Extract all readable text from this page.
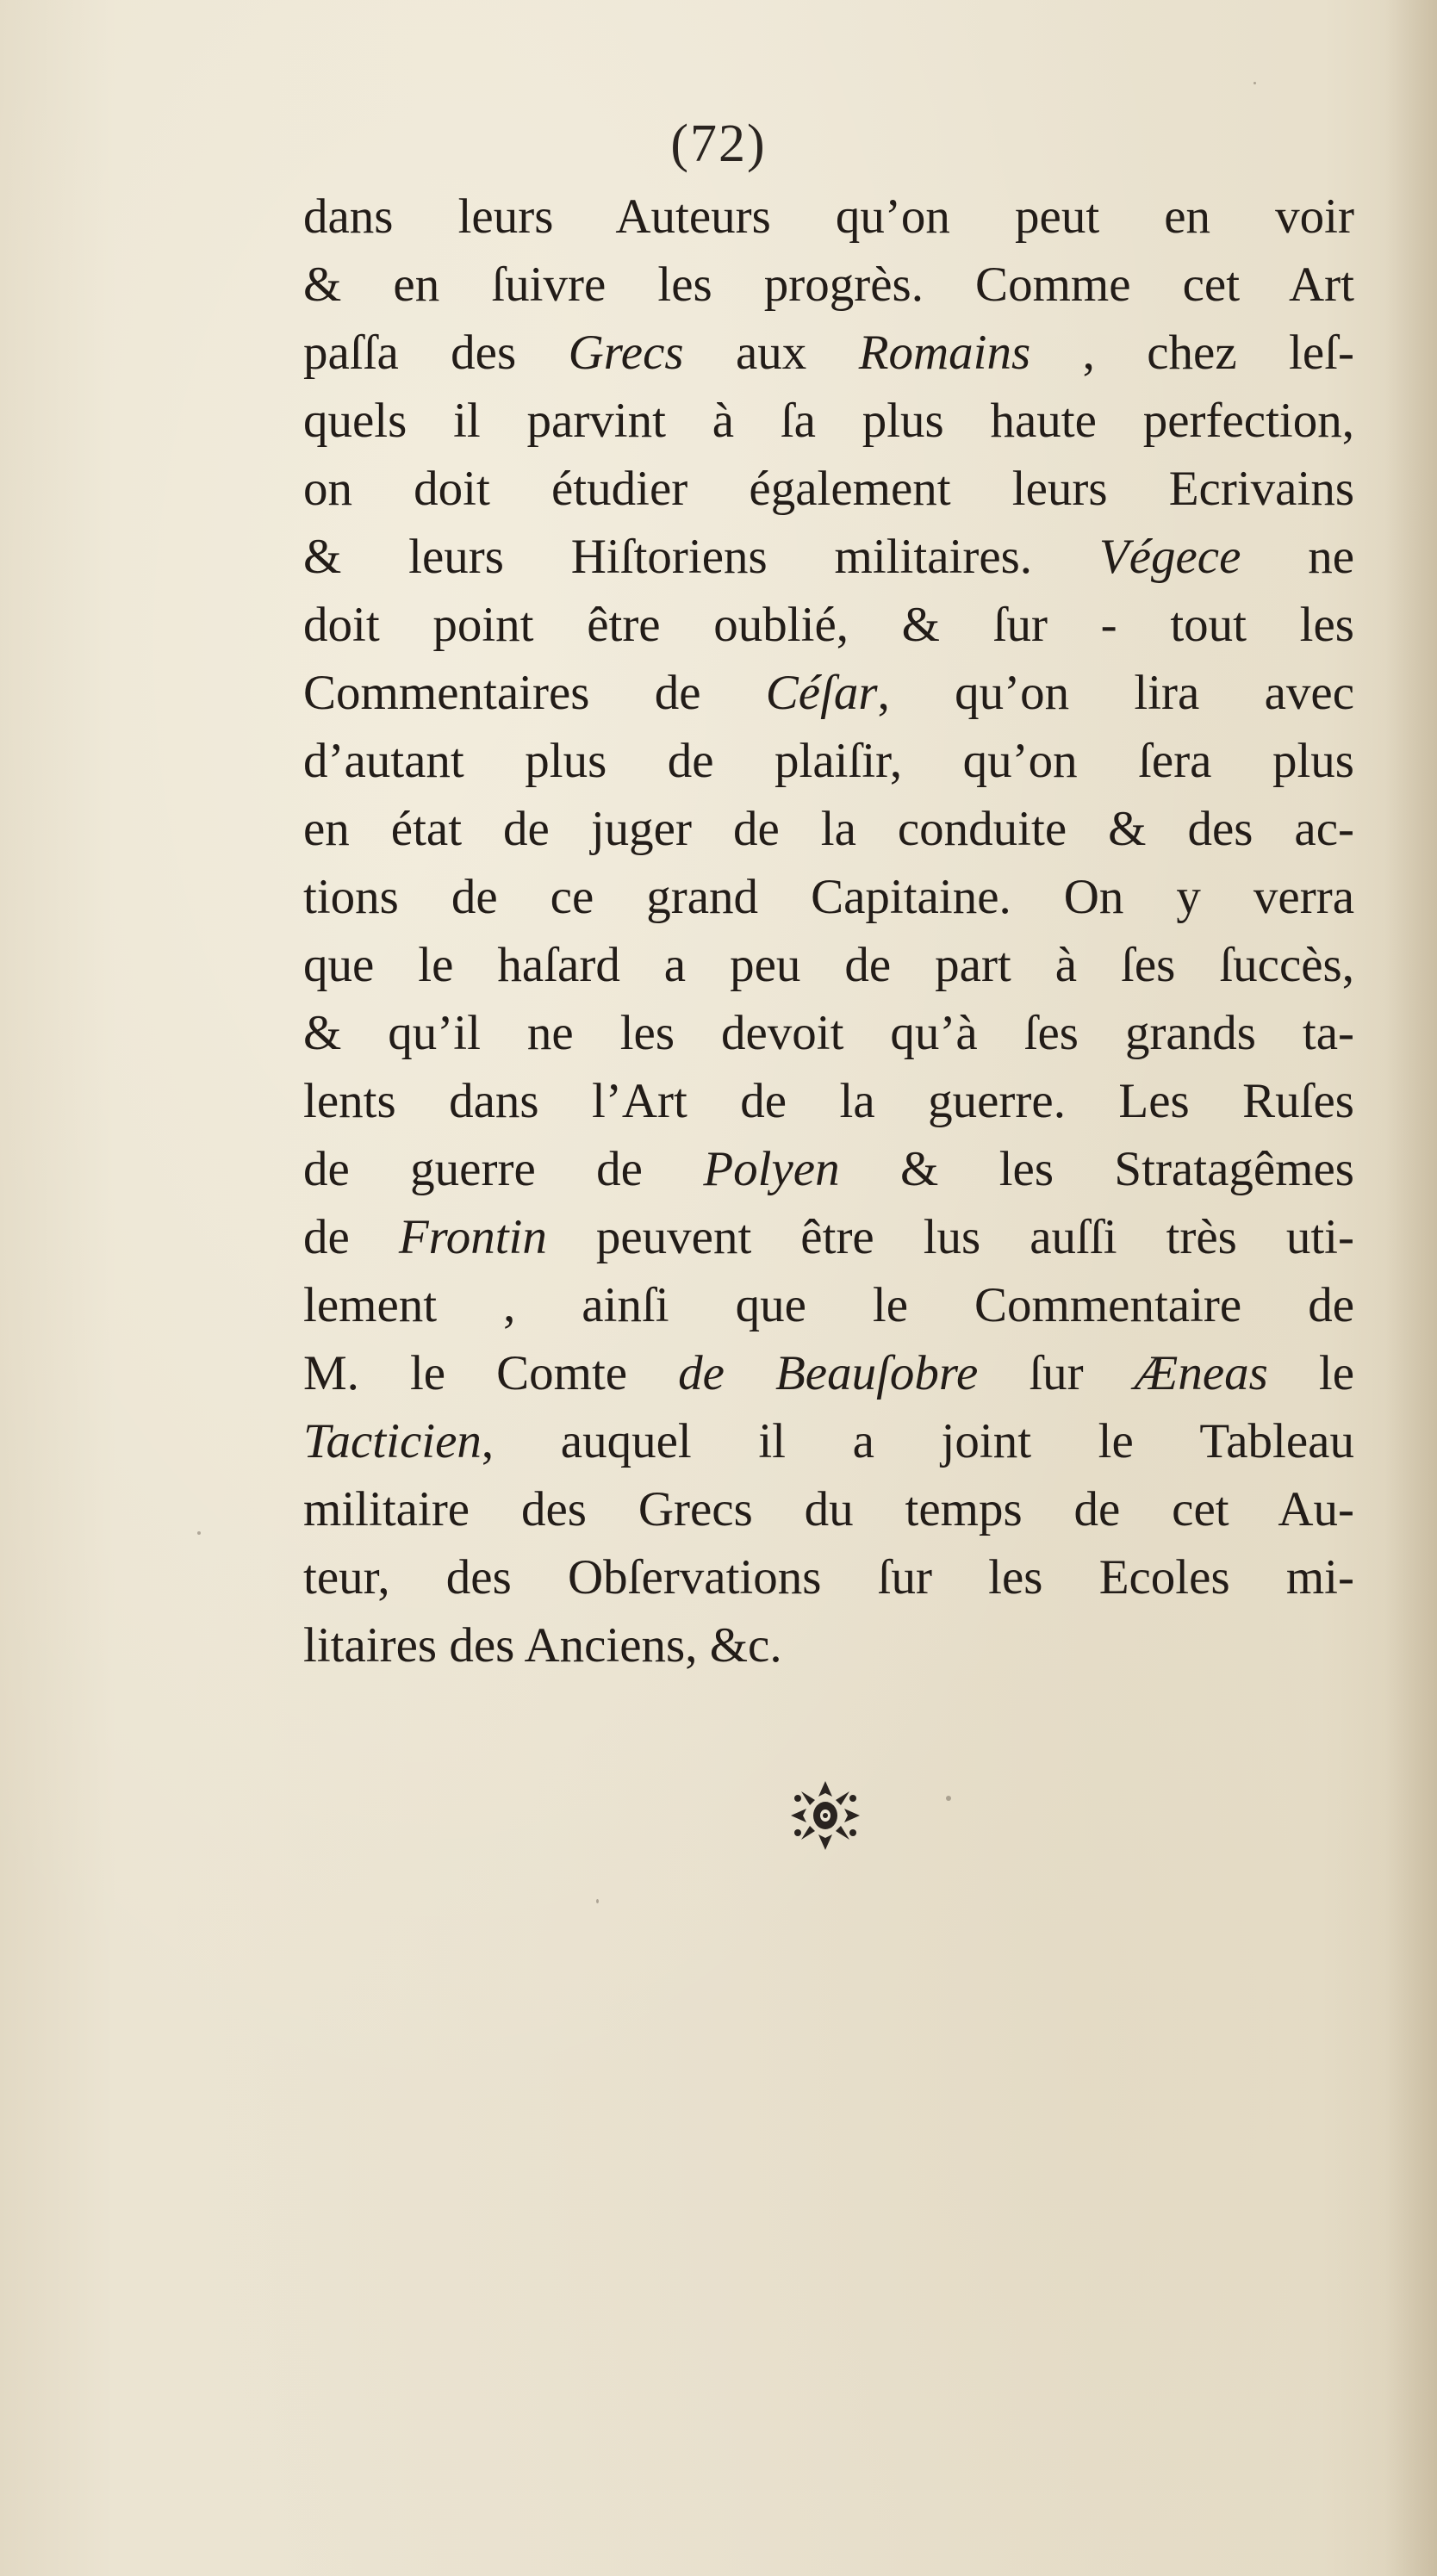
(72)
dans leurs Auteurs qu’on peut en voir
& en ſuivre les progrès. Comme cet Art
paſſa des Grecs aux Romains , chez leſ-
quels il parvint à ſa plus haute perfection,
on doit étudier également leurs Ecrivains
& leurs Hiſtoriens militaires. Végece ne
doit point être oublié, & ſur - tout les
Commentaires de Céſar, qu’on lira avec
d’autant plus de plaiſir, qu’on ſera plus
en état de juger de la conduite & des ac-
tions de ce grand Capitaine. On y verra
que le haſard a peu de part à ſes ſuccès,
& qu’il ne les devoit qu’à ſes grands ta-
lents dans l’Art de la guerre. Les Ruſes
de guerre de Polyen & les Stratagêmes
de Frontin peuvent être lus auſſi très uti-
lement , ainſi que le Commentaire de
M. le Comte de Beauſobre ſur Æneas le
Tacticien, auquel il a joint le Tableau
militaire des Grecs du temps de cet Au-
teur, des Obſervations ſur les Ecoles mi-
litaires des Anciens, &c.
